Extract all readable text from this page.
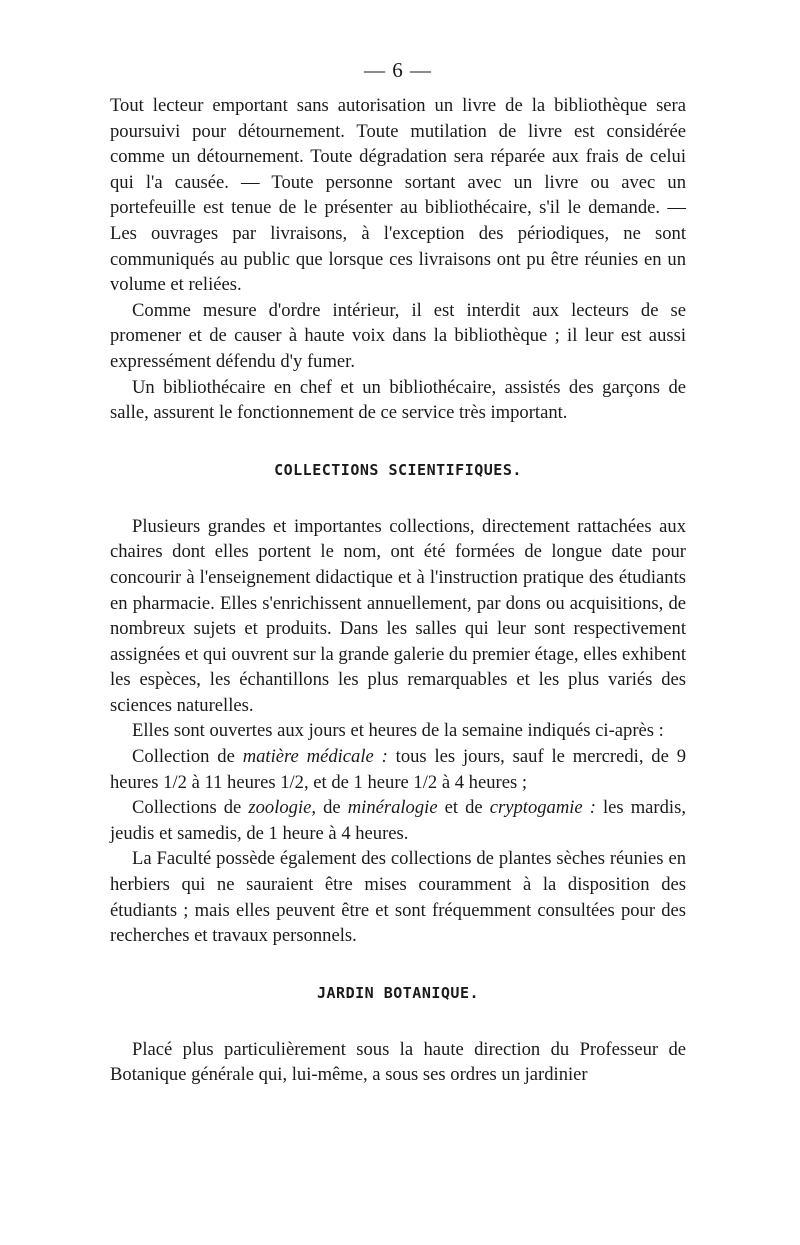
— 6 —

Tout lecteur emportant sans autorisation un livre de la bibliothèque sera poursuivi pour détournement. Toute mutilation de livre est considérée comme un détournement. Toute dégradation sera réparée aux frais de celui qui l'a causée. — Toute personne sortant avec un livre ou avec un portefeuille est tenue de le présenter au bibliothécaire, s'il le demande. — Les ouvrages par livraisons, à l'exception des périodiques, ne sont communiqués au public que lorsque ces livraisons ont pu être réunies en un volume et reliées.

Comme mesure d'ordre intérieur, il est interdit aux lecteurs de se promener et de causer à haute voix dans la bibliothèque ; il leur est aussi expressément défendu d'y fumer.

Un bibliothécaire en chef et un bibliothécaire, assistés des garçons de salle, assurent le fonctionnement de ce service très important.

COLLECTIONS SCIENTIFIQUES.

Plusieurs grandes et importantes collections, directement rattachées aux chaires dont elles portent le nom, ont été formées de longue date pour concourir à l'enseignement didactique et à l'instruction pratique des étudiants en pharmacie. Elles s'enrichissent annuellement, par dons ou acquisitions, de nombreux sujets et produits. Dans les salles qui leur sont respectivement assignées et qui ouvrent sur la grande galerie du premier étage, elles exhibent les espèces, les échantillons les plus remarquables et les plus variés des sciences naturelles.

Elles sont ouvertes aux jours et heures de la semaine indiqués ci-après :

Collection de matière médicale : tous les jours, sauf le mercredi, de 9 heures 1/2 à 11 heures 1/2, et de 1 heure 1/2 à 4 heures ;

Collections de zoologie, de minéralogie et de cryptogamie : les mardis, jeudis et samedis, de 1 heure à 4 heures.

La Faculté possède également des collections de plantes sèches réunies en herbiers qui ne sauraient être mises couramment à la disposition des étudiants ; mais elles peuvent être et sont fréquemment consultées pour des recherches et travaux personnels.

JARDIN BOTANIQUE.

Placé plus particulièrement sous la haute direction du Professeur de Botanique générale qui, lui-même, a sous ses ordres un jardinier
